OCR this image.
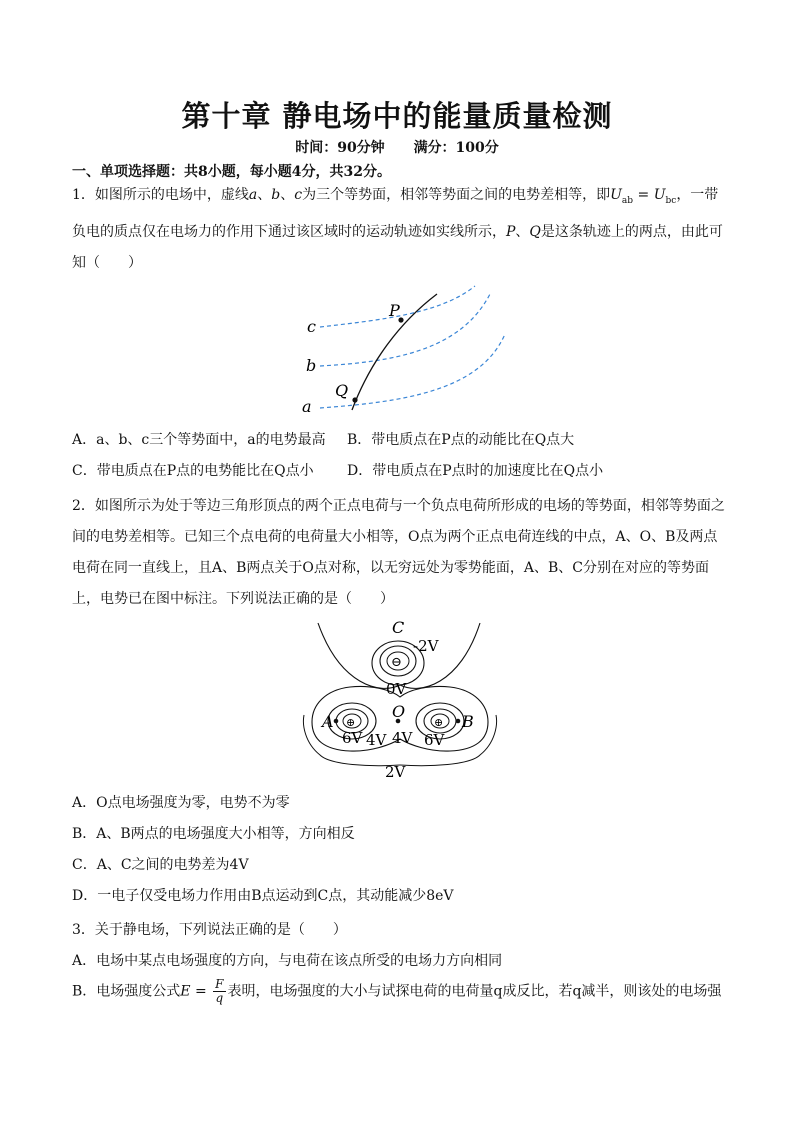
第十章 静电场中的能量质量检测
时间：90分钟 满分：100分
一、单项选择题：共8小题，每小题4分，共32分。
1．如图所示的电场中，虚线a、b、c为三个等势面，相邻等势面之间的电势差相等，即$U_{ab} = U_{bc}$，一带负电的质点仅在电场力的作用下通过该区域时的运动轨迹如实线所示，P、Q是这条轨迹上的两点，由此可知（　　）
c
b
a
P
Q
A．a、b、c三个等势面中，a的电势最高 B．带电质点在P点的动能比在Q点大
C．带电质点在P点的电势能比在Q点小 D．带电质点在P点时的加速度比在Q点小
2．如图所示为处于等边三角形顶点的两个正点电荷与一个负点电荷所形成的电场的等势面，相邻等势面之
间的电势差相等。已知三个点电荷的电荷量大小相等，O点为两个正点电荷连线的中点，A、O、B及两点
电荷在同一直线上，且A、B两点关于O点对称，以无穷远处为零势能面，A、B、C分别在对应的等势面
上，电势已在图中标注。下列说法正确的是（　　）
⊖
C
-2V
0V
2V
⊕	⊕
A
O
B
6V 4V 4V 6V
A．O点电场强度为零，电势不为零
B．A、B两点的电场强度大小相等，方向相反
C．A、C之间的电势差为4V
D．一电子仅受电场力作用由B点运动到C点，其动能减少8eV
3．关于静电场，下列说法正确的是（　　）
A．电场中某点电场强度的方向，与电荷在该点所受的电场力方向相同
B．电场强度公式$E = \frac{F}{q}$ 表明，电场强度的大小与试探电荷的电荷量q成反比，若q减半，则该处的电场强
